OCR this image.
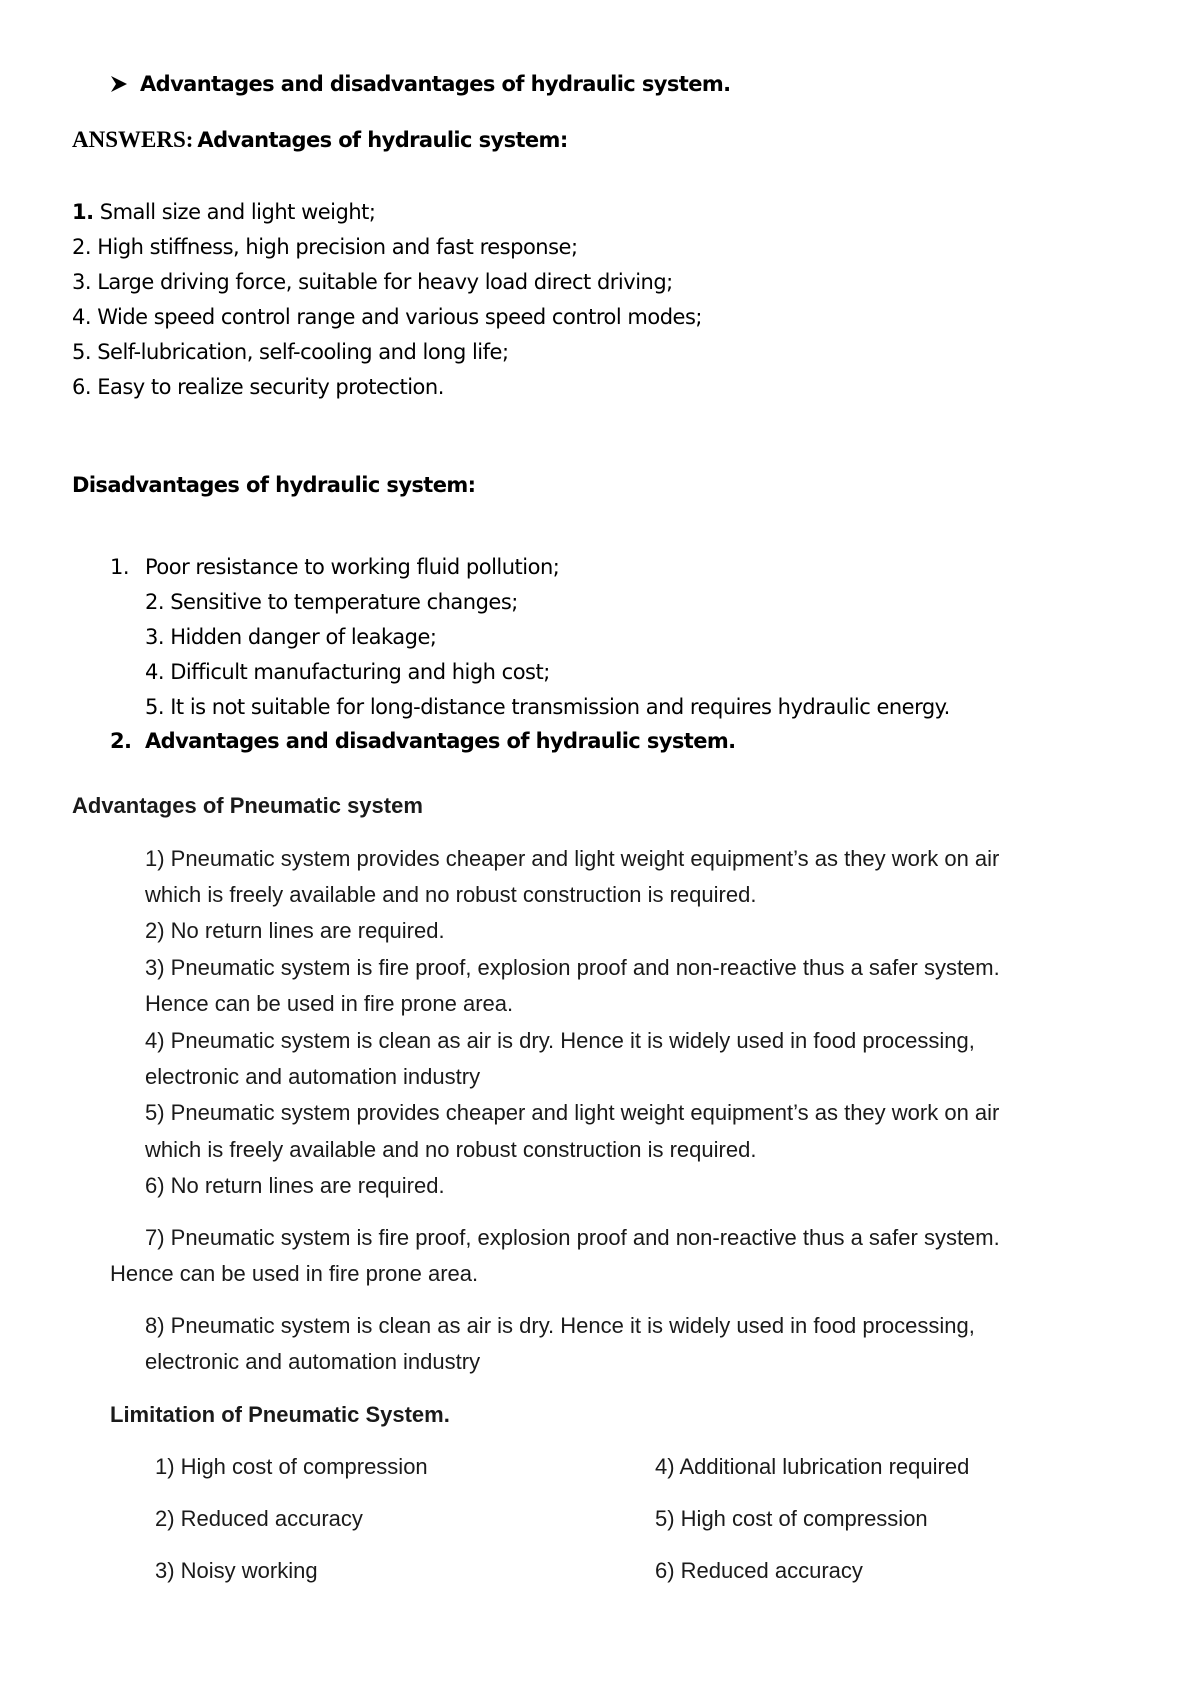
Advantages and disadvantages of hydraulic system.
ANSWERS: Advantages of hydraulic system:
1. Small size and light weight;
2. High stiffness, high precision and fast response;
3. Large driving force, suitable for heavy load direct driving;
4. Wide speed control range and various speed control modes;
5. Self-lubrication, self-cooling and long life;
6. Easy to realize security protection.
Disadvantages of hydraulic system:
1. Poor resistance to working fluid pollution;
2. Sensitive to temperature changes;
3. Hidden danger of leakage;
4. Difficult manufacturing and high cost;
5. It is not suitable for long-distance transmission and requires hydraulic energy.
2. Advantages and disadvantages of hydraulic system.
Advantages of Pneumatic system
1) Pneumatic system provides cheaper and light weight equipment’s as they work on air
which is freely available and no robust construction is required.
2) No return lines are required.
3) Pneumatic system is fire proof, explosion proof and non-reactive thus a safer system.
Hence can be used in fire prone area.
4) Pneumatic system is clean as air is dry. Hence it is widely used in food processing,
electronic and automation industry
5) Pneumatic system provides cheaper and light weight equipment’s as they work on air
which is freely available and no robust construction is required.
6) No return lines are required.
7) Pneumatic system is fire proof, explosion proof and non-reactive thus a safer system.
Hence can be used in fire prone area.
8) Pneumatic system is clean as air is dry. Hence it is widely used in food processing,
electronic and automation industry
Limitation of Pneumatic System.
1) High cost of compression
2) Reduced accuracy
3) Noisy working
4) Additional lubrication required
5) High cost of compression
6) Reduced accuracy
